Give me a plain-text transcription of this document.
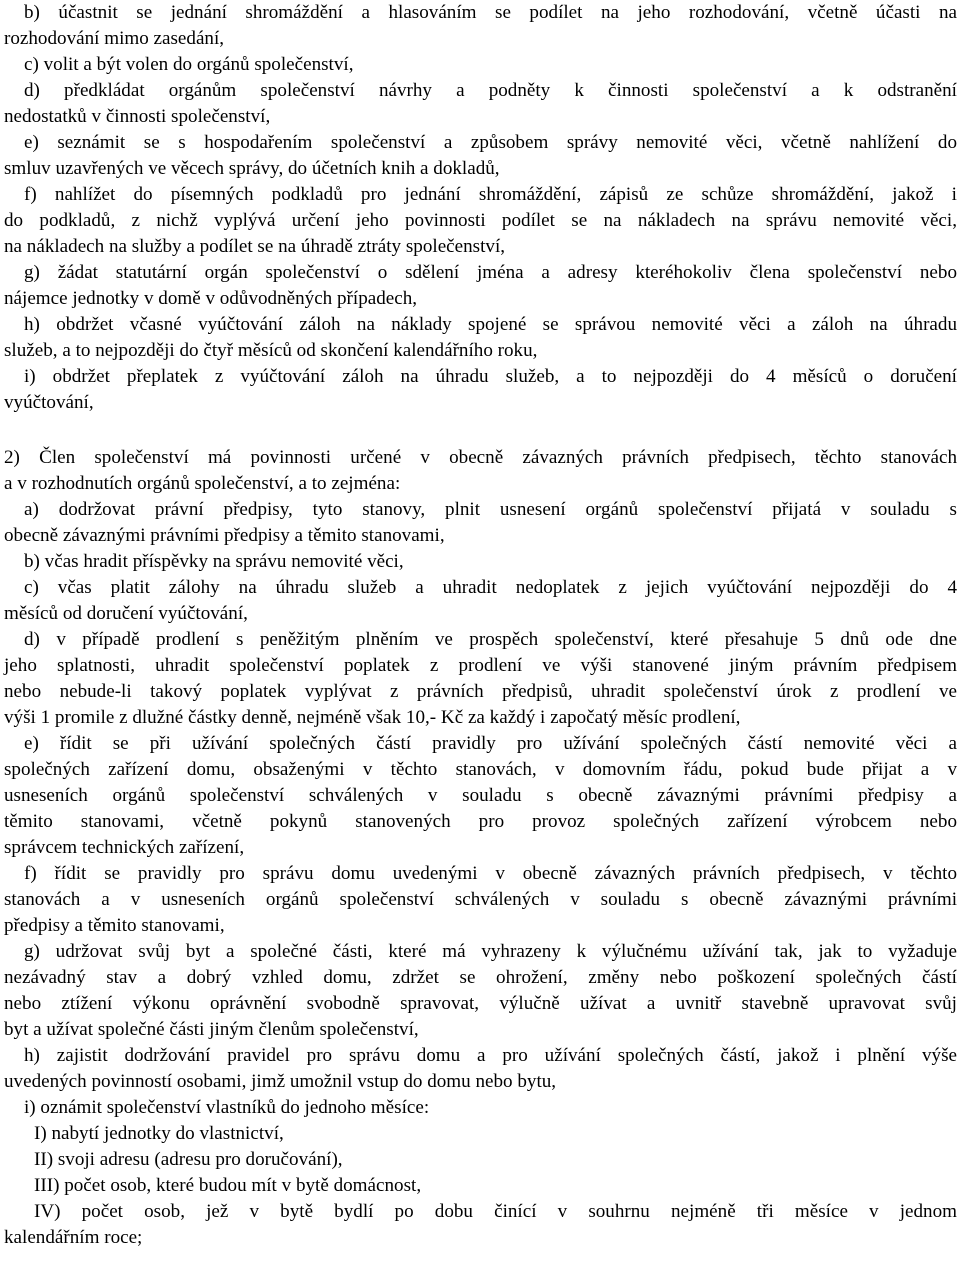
b) účastnit se jednání shromáždění a hlasováním se podílet na jeho rozhodování, včetně účasti na
rozhodování mimo zasedání,
c) volit a být volen do orgánů společenství,
d) předkládat orgánům společenství návrhy a podněty k činnosti společenství a k odstranění
nedostatků v činnosti společenství,
e) seznámit se s hospodařením společenství a způsobem správy nemovité věci, včetně nahlížení do
smluv uzavřených ve věcech správy, do účetních knih a dokladů,
f) nahlížet do písemných podkladů pro jednání shromáždění, zápisů ze schůze shromáždění, jakož i
do podkladů, z nichž vyplývá určení jeho povinnosti podílet se na nákladech na správu nemovité věci,
na nákladech na služby a podílet se na úhradě ztráty společenství,
g) žádat statutární orgán společenství o sdělení jména a adresy kteréhokoliv člena společenství nebo
nájemce jednotky v domě v odůvodněných případech,
h) obdržet včasné vyúčtování záloh na náklady spojené se správou nemovité věci a záloh na úhradu
služeb, a to nejpozději do čtyř měsíců od skončení kalendářního roku,
i) obdržet přeplatek z vyúčtování záloh na úhradu služeb, a to nejpozději do 4 měsíců o doručení
vyúčtování,
2) Člen společenství má povinnosti určené v obecně závazných právních předpisech, těchto stanovách
a v rozhodnutích orgánů společenství, a to zejména:
a) dodržovat právní předpisy, tyto stanovy, plnit usnesení orgánů společenství přijatá v souladu s
obecně závaznými právními předpisy a těmito stanovami,
b) včas hradit příspěvky na správu nemovité věci,
c) včas platit zálohy na úhradu služeb a uhradit nedoplatek z jejich vyúčtování nejpozději do 4
měsíců od doručení vyúčtování,
d) v případě prodlení s peněžitým plněním ve prospěch společenství, které přesahuje 5 dnů ode dne
jeho splatnosti, uhradit společenství poplatek z prodlení ve výši stanovené jiným právním předpisem
nebo nebude-li takový poplatek vyplývat z právních předpisů, uhradit společenství úrok z prodlení ve
výši 1 promile z dlužné částky denně, nejméně však 10,- Kč za každý i započatý měsíc prodlení,
e) řídit se při užívání společných částí pravidly pro užívání společných částí nemovité věci a
společných zařízení domu, obsaženými v těchto stanovách, v domovním řádu, pokud bude přijat a v
usneseních orgánů společenství schválených v souladu s obecně závaznými právními předpisy a
těmito stanovami, včetně pokynů stanovených pro provoz společných zařízení výrobcem nebo
správcem technických zařízení,
f) řídit se pravidly pro správu domu uvedenými v obecně závazných právních předpisech, v těchto
stanovách a v usneseních orgánů společenství schválených v souladu s obecně závaznými právními
předpisy a těmito stanovami,
g) udržovat svůj byt a společné části, které má vyhrazeny k výlučnému užívání tak, jak to vyžaduje
nezávadný stav a dobrý vzhled domu, zdržet se ohrožení, změny nebo poškození společných částí
nebo ztížení výkonu oprávnění svobodně spravovat, výlučně užívat a uvnitř stavebně upravovat svůj
byt a užívat společné části jiným členům společenství,
h) zajistit dodržování pravidel pro správu domu a pro užívání společných částí, jakož i plnění výše
uvedených povinností osobami, jimž umožnil vstup do domu nebo bytu,
i) oznámit společenství vlastníků do jednoho měsíce:
I) nabytí jednotky do vlastnictví,
II) svoji adresu (adresu pro doručování),
III) počet osob, které budou mít v bytě domácnost,
IV) počet osob, jež v bytě bydlí po dobu činící v souhrnu nejméně tři měsíce v jednom
kalendářním roce;
